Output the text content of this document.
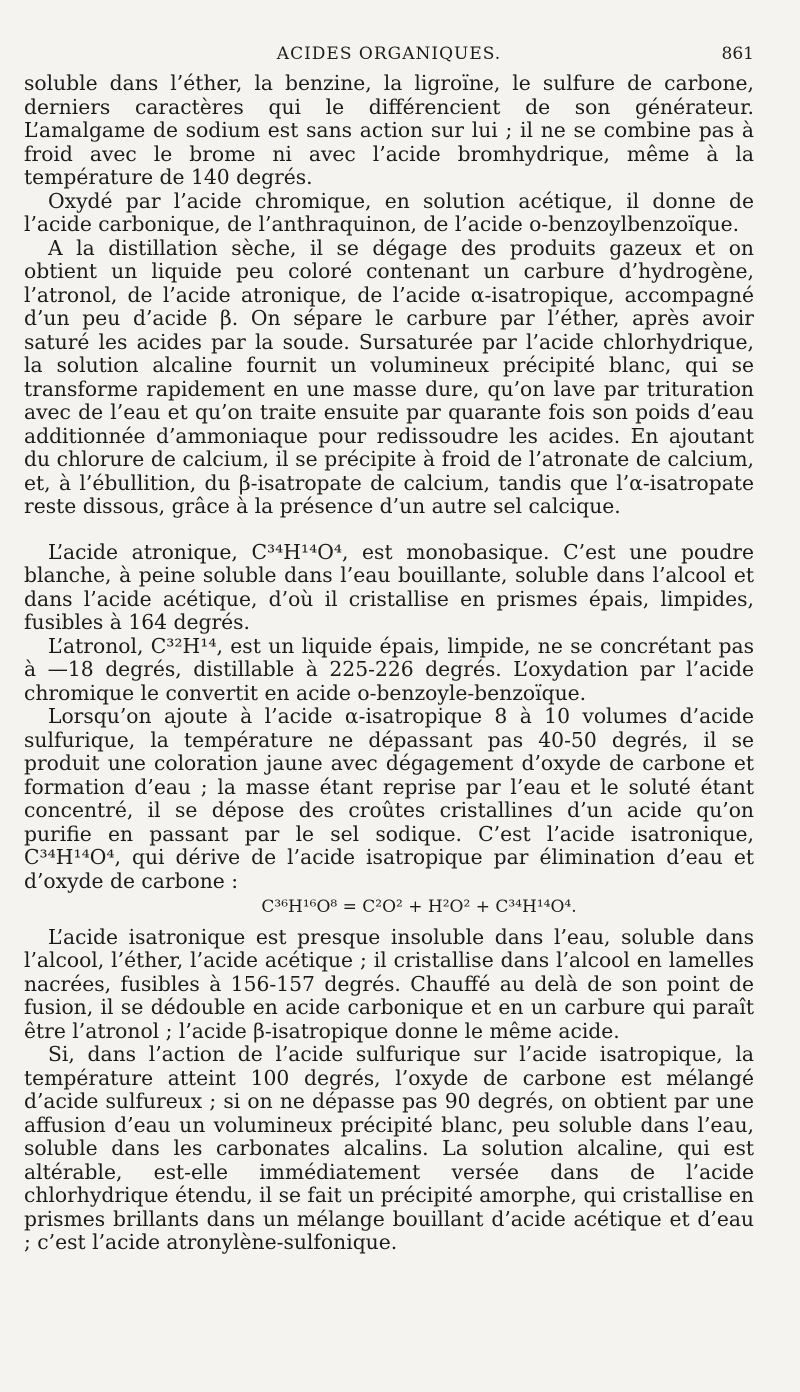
ACIDES ORGANIQUES.	861

soluble dans l’éther, la benzine, la ligroïne, le sulfure de carbone, derniers caractères qui le différencient de son générateur. L’amalgame de sodium est sans action sur lui ; il ne se combine pas à froid avec le brome ni avec l’acide bromhydrique, même à la température de 140 degrés.

Oxydé par l’acide chromique, en solution acétique, il donne de l’acide carbonique, de l’anthraquinon, de l’acide o-benzoylbenzoïque.

A la distillation sèche, il se dégage des produits gazeux et on obtient un liquide peu coloré contenant un carbure d’hydrogène, l’atronol, de l’acide atronique, de l’acide α-isatropique, accompagné d’un peu d’acide β. On sépare le carbure par l’éther, après avoir saturé les acides par la soude. Sursaturée par l’acide chlorhydrique, la solution alcaline fournit un volumineux précipité blanc, qui se transforme rapidement en une masse dure, qu’on lave par trituration avec de l’eau et qu’on traite ensuite par quarante fois son poids d’eau additionnée d’ammoniaque pour redissoudre les acides. En ajoutant du chlorure de calcium, il se précipite à froid de l’atronate de calcium, et, à l’ébullition, du β-isatropate de calcium, tandis que l’α-isatropate reste dissous, grâce à la présence d’un autre sel calcique.

L’acide atronique, C³⁴H¹⁴O⁴, est monobasique. C’est une poudre blanche, à peine soluble dans l’eau bouillante, soluble dans l’alcool et dans l’acide acétique, d’où il cristallise en prismes épais, limpides, fusibles à 164 degrés.

L’atronol, C³²H¹⁴, est un liquide épais, limpide, ne se concrétant pas à —18 degrés, distillable à 225-226 degrés. L’oxydation par l’acide chromique le convertit en acide o-benzoyle-benzoïque.

Lorsqu’on ajoute à l’acide α-isatropique 8 à 10 volumes d’acide sulfurique, la température ne dépassant pas 40-50 degrés, il se produit une coloration jaune avec dégagement d’oxyde de carbone et formation d’eau ; la masse étant reprise par l’eau et le soluté étant concentré, il se dépose des croûtes cristallines d’un acide qu’on purifie en passant par le sel sodique. C’est l’acide isatronique, C³⁴H¹⁴O⁴, qui dérive de l’acide isatropique par élimination d’eau et d’oxyde de carbone :

C³⁶H¹⁶O⁸ = C²O² + H²O² + C³⁴H¹⁴O⁴.

L’acide isatronique est presque insoluble dans l’eau, soluble dans l’alcool, l’éther, l’acide acétique ; il cristallise dans l’alcool en lamelles nacrées, fusibles à 156-157 degrés. Chauffé au delà de son point de fusion, il se dédouble en acide carbonique et en un carbure qui paraît être l’atronol ; l’acide β-isatropique donne le même acide.

Si, dans l’action de l’acide sulfurique sur l’acide isatropique, la température atteint 100 degrés, l’oxyde de carbone est mélangé d’acide sulfureux ; si on ne dépasse pas 90 degrés, on obtient par une affusion d’eau un volumineux précipité blanc, peu soluble dans l’eau, soluble dans les carbonates alcalins. La solution alcaline, qui est altérable, est-elle immédiatement versée dans de l’acide chlorhydrique étendu, il se fait un précipité amorphe, qui cristallise en prismes brillants dans un mélange bouillant d’acide acétique et d’eau ; c’est l’acide atronylène-sulfonique.
